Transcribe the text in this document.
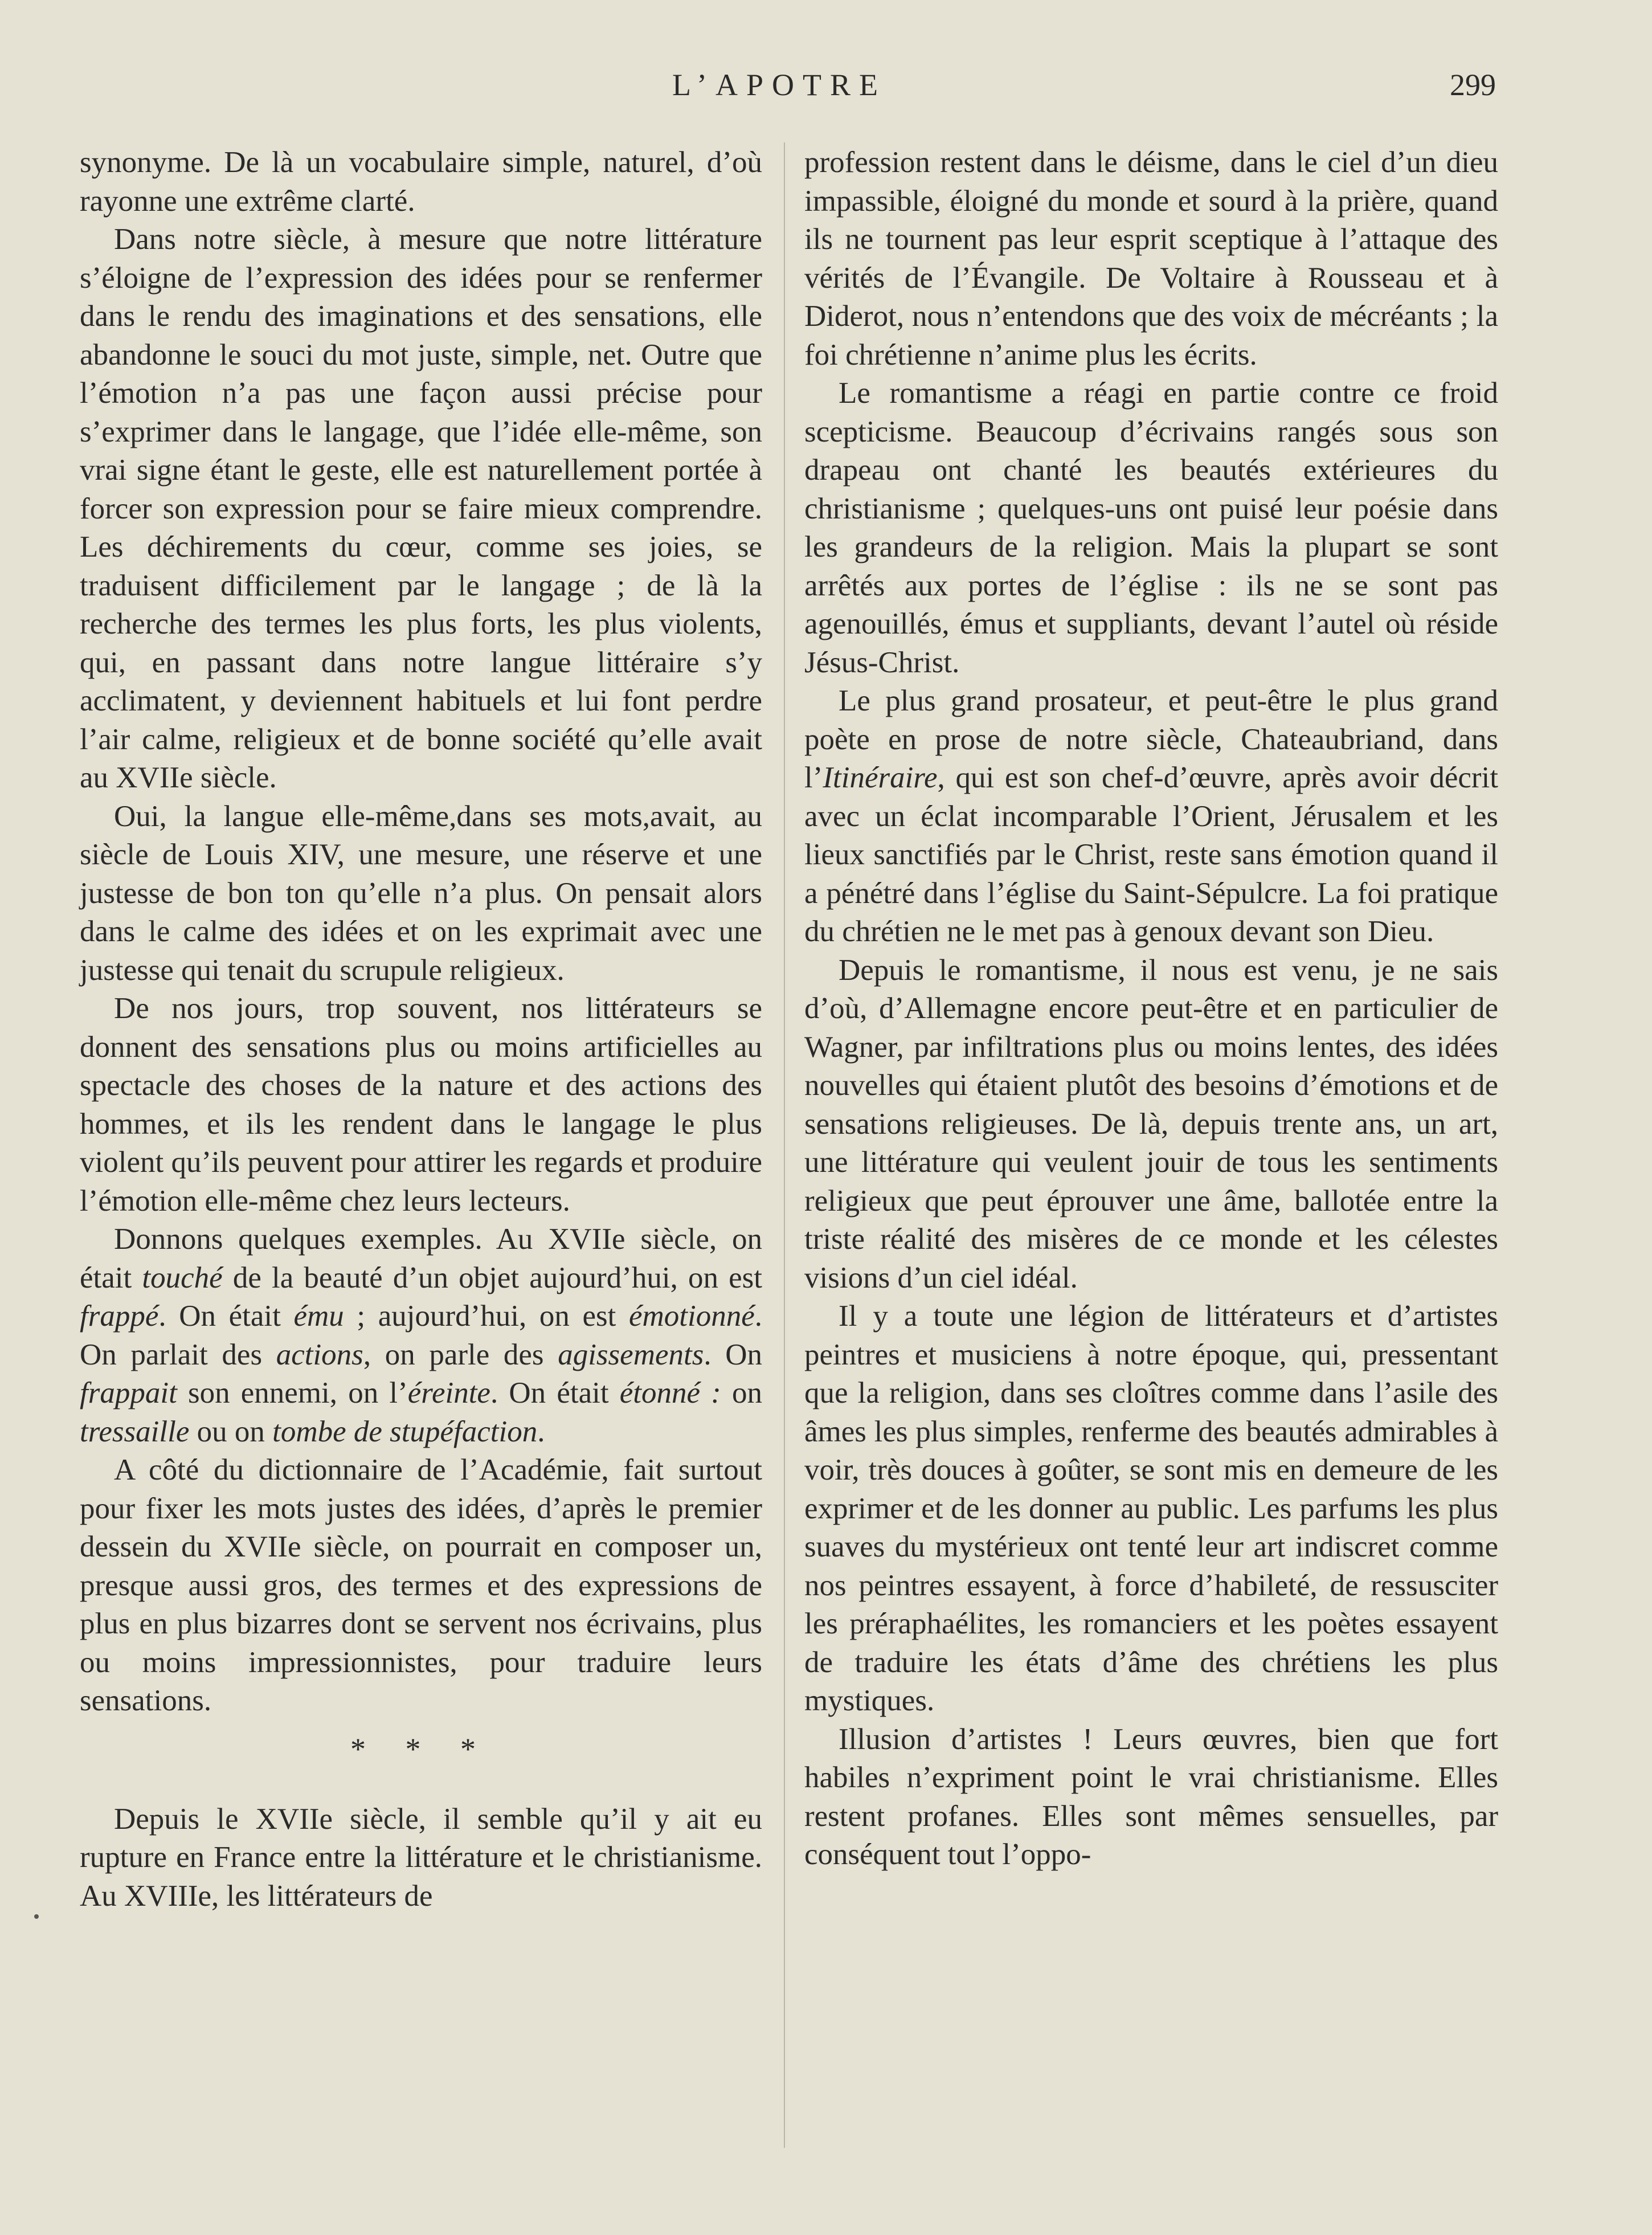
L’APOTRE	299

synonyme. De là un vocabulaire simple, naturel, d’où rayonne une extrême clarté.

Dans notre siècle, à mesure que notre littérature s’éloigne de l’expression des idées pour se renfermer dans le rendu des imaginations et des sensations, elle abandonne le souci du mot juste, simple, net. Outre que l’émotion n’a pas une façon aussi précise pour s’exprimer dans le langage, que l’idée elle-même, son vrai signe étant le geste, elle est naturellement portée à forcer son expression pour se faire mieux comprendre. Les déchirements du cœur, comme ses joies, se traduisent difficilement par le langage ; de là la recherche des termes les plus forts, les plus violents, qui, en passant dans notre langue littéraire s’y acclimatent, y deviennent habituels et lui font perdre l’air calme, religieux et de bonne société qu’elle avait au XVIIe siècle.

Oui, la langue elle-même,dans ses mots,avait, au siècle de Louis XIV, une mesure, une réserve et une justesse de bon ton qu’elle n’a plus. On pensait alors dans le calme des idées et on les exprimait avec une justesse qui tenait du scrupule religieux.

De nos jours, trop souvent, nos littérateurs se donnent des sensations plus ou moins artificielles au spectacle des choses de la nature et des actions des hommes, et ils les rendent dans le langage le plus violent qu’ils peuvent pour attirer les regards et produire l’émotion elle-même chez leurs lecteurs.

Donnons quelques exemples. Au XVIIe siècle, on était touché de la beauté d’un objet aujourd’hui, on est frappé. On était ému ; aujourd’hui, on est émotionné. On parlait des actions, on parle des agissements. On frappait son ennemi, on l’éreinte. On était étonné : on tressaille ou on tombe de stupéfaction.

A côté du dictionnaire de l’Académie, fait surtout pour fixer les mots justes des idées, d’après le premier dessein du XVIIe siècle, on pourrait en composer un, presque aussi gros, des termes et des expressions de plus en plus bizarres dont se servent nos écrivains, plus ou moins impressionnistes, pour traduire leurs sensations.

* * *

Depuis le XVIIe siècle, il semble qu’il y ait eu rupture en France entre la littérature et le christianisme. Au XVIIIe, les littérateurs de

profession restent dans le déisme, dans le ciel d’un dieu impassible, éloigné du monde et sourd à la prière, quand ils ne tournent pas leur esprit sceptique à l’attaque des vérités de l’Évangile. De Voltaire à Rousseau et à Diderot, nous n’entendons que des voix de mécréants ; la foi chrétienne n’anime plus les écrits.

Le romantisme a réagi en partie contre ce froid scepticisme. Beaucoup d’écrivains rangés sous son drapeau ont chanté les beautés extérieures du christianisme ; quelques-uns ont puisé leur poésie dans les grandeurs de la religion. Mais la plupart se sont arrêtés aux portes de l’église : ils ne se sont pas agenouillés, émus et suppliants, devant l’autel où réside Jésus-Christ.

Le plus grand prosateur, et peut-être le plus grand poète en prose de notre siècle, Chateaubriand, dans l’Itinéraire, qui est son chef-d’œuvre, après avoir décrit avec un éclat incomparable l’Orient, Jérusalem et les lieux sanctifiés par le Christ, reste sans émotion quand il a pénétré dans l’église du Saint-Sépulcre. La foi pratique du chrétien ne le met pas à genoux devant son Dieu.

Depuis le romantisme, il nous est venu, je ne sais d’où, d’Allemagne encore peut-être et en particulier de Wagner, par infiltrations plus ou moins lentes, des idées nouvelles qui étaient plutôt des besoins d’émotions et de sensations religieuses. De là, depuis trente ans, un art, une littérature qui veulent jouir de tous les sentiments religieux que peut éprouver une âme, ballotée entre la triste réalité des misères de ce monde et les célestes visions d’un ciel idéal.

Il y a toute une légion de littérateurs et d’artistes peintres et musiciens à notre époque, qui, pressentant que la religion, dans ses cloîtres comme dans l’asile des âmes les plus simples, renferme des beautés admirables à voir, très douces à goûter, se sont mis en demeure de les exprimer et de les donner au public. Les parfums les plus suaves du mystérieux ont tenté leur art indiscret comme nos peintres essayent, à force d’habileté, de ressusciter les préraphaélites, les romanciers et les poètes essayent de traduire les états d’âme des chrétiens les plus mystiques.

Illusion d’artistes ! Leurs œuvres, bien que fort habiles n’expriment point le vrai christianisme. Elles restent profanes. Elles sont mêmes sensuelles, par conséquent tout l’oppo-
